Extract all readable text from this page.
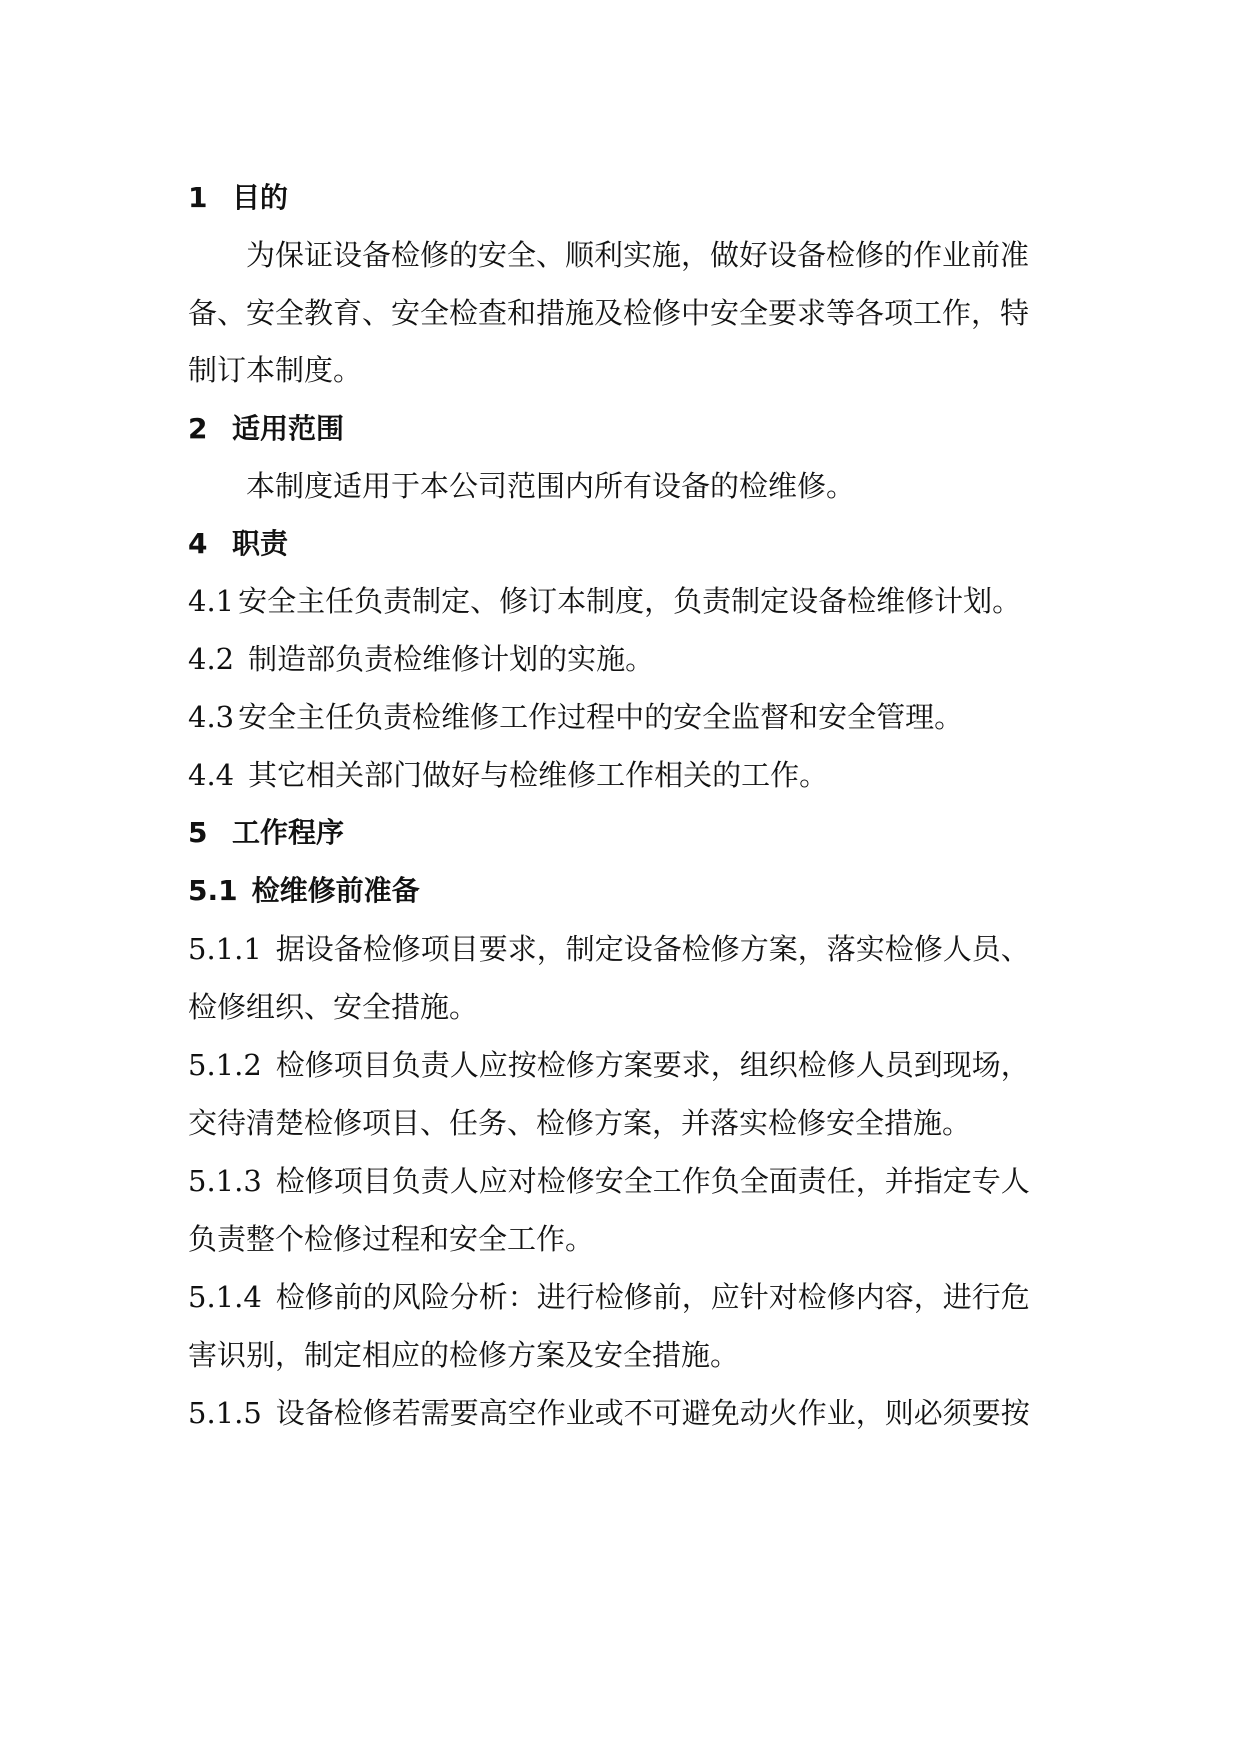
1 目的

为保证设备检修的安全、顺利实施，做好设备检修的作业前准

备、安全教育、安全检查和措施及检修中安全要求等各项工作，特

制订本制度。

2 适用范围

本制度适用于本公司范围内所有设备的检维修。

4 职责

4.1 安全主任负责制定、修订本制度，负责制定设备检维修计划。

4.2 制造部负责检维修计划的实施。

4.3 安全主任负责检维修工作过程中的安全监督和安全管理。

4.4 其它相关部门做好与检维修工作相关的工作。

5 工作程序

5.1 检维修前准备

5.1.1 据设备检修项目要求，制定设备检修方案，落实检修人员、

检修组织、安全措施。

5.1.2 检修项目负责人应按检修方案要求，组织检修人员到现场，

交待清楚检修项目、任务、检修方案，并落实检修安全措施。

5.1.3 检修项目负责人应对检修安全工作负全面责任，并指定专人

负责整个检修过程和安全工作。

5.1.4 检修前的风险分析：进行检修前，应针对检修内容，进行危

害识别，制定相应的检修方案及安全措施。

5.1.5 设备检修若需要高空作业或不可避免动火作业，则必须要按
